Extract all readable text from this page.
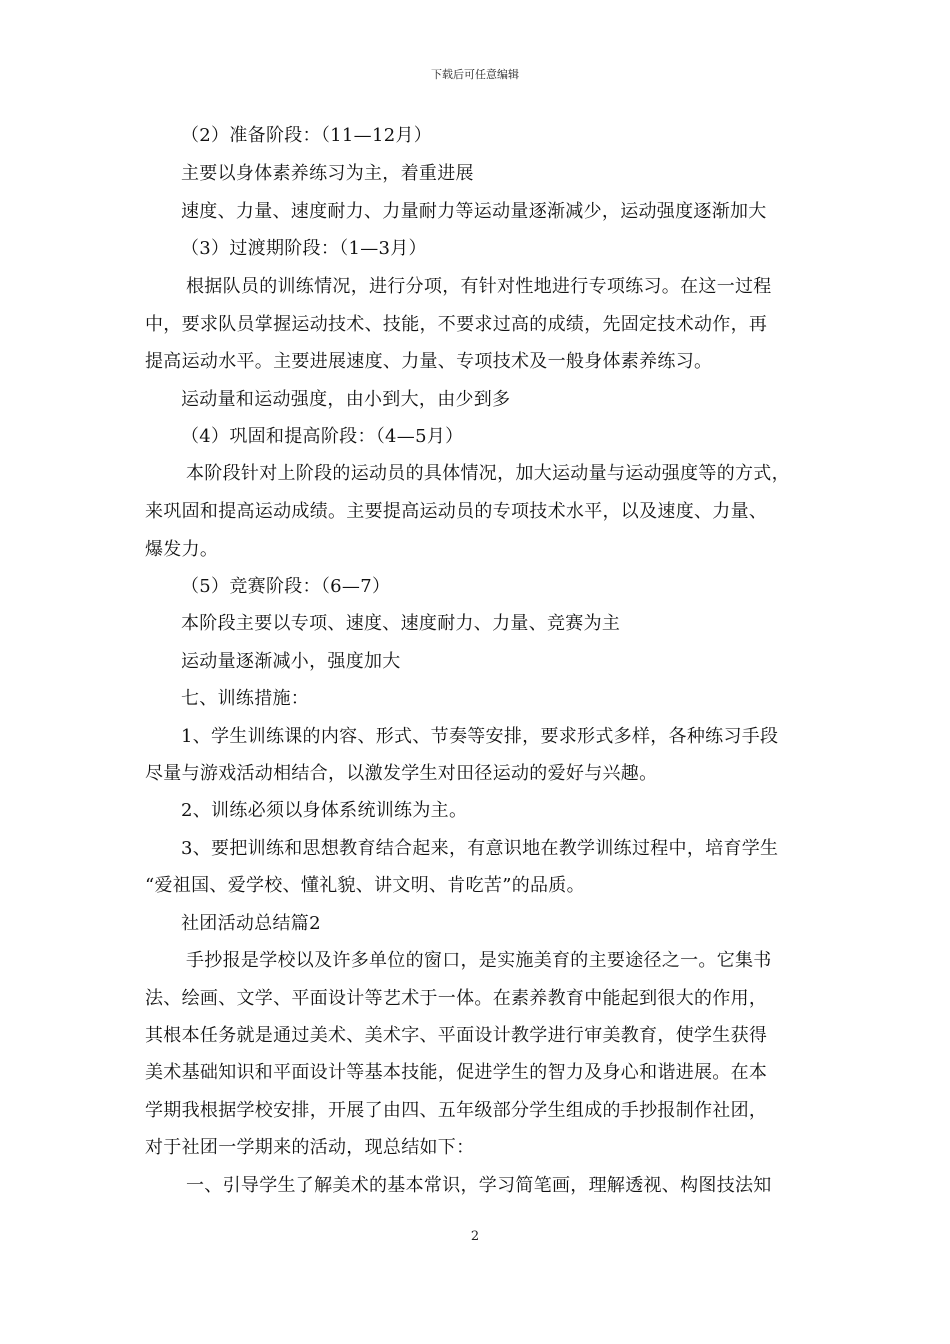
下载后可任意编辑
（2）准备阶段：（11—12月）
主要以身体素养练习为主，着重进展
速度、力量、速度耐力、力量耐力等运动量逐渐减少，运动强度逐渐加大
（3）过渡期阶段：（1—3月）
根据队员的训练情况，进行分项，有针对性地进行专项练习。在这一过程
中，要求队员掌握运动技术、技能，不要求过高的成绩，先固定技术动作，再
提高运动水平。主要进展速度、力量、专项技术及一般身体素养练习。
运动量和运动强度，由小到大，由少到多
（4）巩固和提高阶段：（4—5月）
本阶段针对上阶段的运动员的具体情况，加大运动量与运动强度等的方式，
来巩固和提高运动成绩。主要提高运动员的专项技术水平，以及速度、力量、
爆发力。
（5）竞赛阶段：（6—7）
本阶段主要以专项、速度、速度耐力、力量、竞赛为主
运动量逐渐减小，强度加大
七、训练措施：
1、学生训练课的内容、形式、节奏等安排，要求形式多样，各种练习手段
尽量与游戏活动相结合，以激发学生对田径运动的爱好与兴趣。
2、训练必须以身体系统训练为主。
3、要把训练和思想教育结合起来，有意识地在教学训练过程中，培育学生
“爱祖国、爱学校、懂礼貌、讲文明、肯吃苦”的品质。
社团活动总结篇2
手抄报是学校以及许多单位的窗口，是实施美育的主要途径之一。它集书
法、绘画、文学、平面设计等艺术于一体。在素养教育中能起到很大的作用，
其根本任务就是通过美术、美术字、平面设计教学进行审美教育，使学生获得
美术基础知识和平面设计等基本技能，促进学生的智力及身心和谐进展。在本
学期我根据学校安排，开展了由四、五年级部分学生组成的手抄报制作社团，
对于社团一学期来的活动，现总结如下：
一、引导学生了解美术的基本常识，学习简笔画，理解透视、构图技法知
2
